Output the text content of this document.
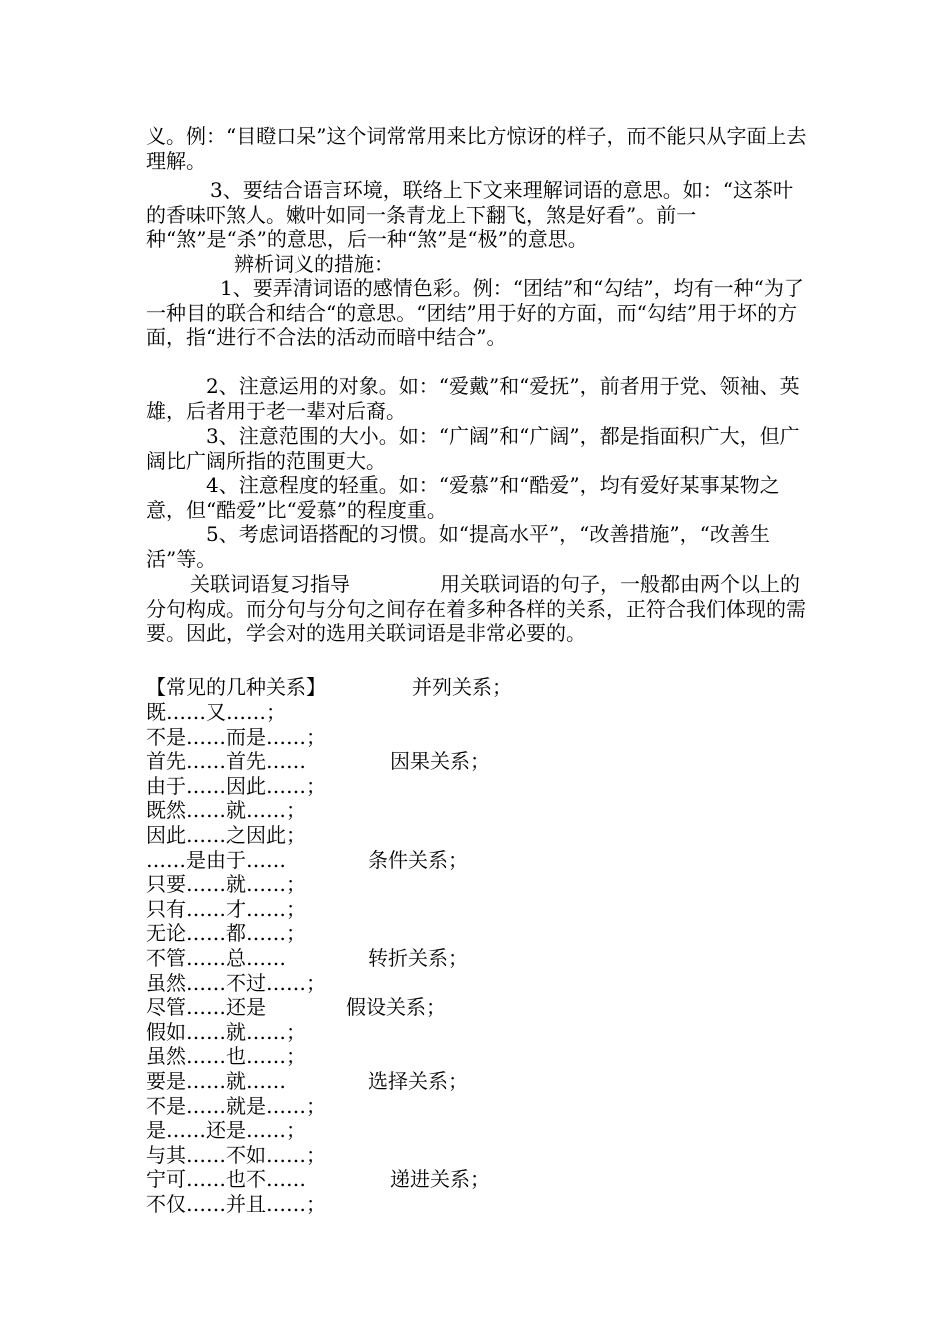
义。例：“目瞪口呆”这个词常常用来比方惊讶的样子，而不能只从字面上去理解。

3、要结合语言环境，联络上下文来理解词语的意思。如：“这茶叶的香味吓煞人。嫩叶如同一条青龙上下翻飞，煞是好看”。前一种“煞”是“杀”的意思，后一种“煞”是“极”的意思。

辨析词义的措施：

1、要弄清词语的感情色彩。例：“团结”和“勾结”，均有一种“为了一种目的联合和结合“的意思。“团结”用于好的方面，而“勾结”用于坏的方面，指“进行不合法的活动而暗中结合”。

2、注意运用的对象。如：“爱戴”和“爱抚”，前者用于党、领袖、英雄，后者用于老一辈对后裔。

3、注意范围的大小。如：“广阔”和“广阔”，都是指面积广大，但广阔比广阔所指的范围更大。

4、注意程度的轻重。如：“爱慕”和“酷爱”，均有爱好某事某物之意，但“酷爱”比“爱慕”的程度重。

5、考虑词语搭配的习惯。如“提高水平”，“改善措施”，“改善生活”等。

关联词语复习指导	用关联词语的句子，一般都由两个以上的分句构成。而分句与分句之间存在着多种各样的关系，正符合我们体现的需要。因此，学会对的选用关联词语是非常必要的。

【常见的几种关系】

既……又……；
并列关系；
不是……而是……；
首先……首先……	因果关系；
由于……因此……；
既然……就……；
因此……之因此；
……是由于……	条件关系；
只要……就……；
只有……才……；
无论……都……；
不管……总……	转折关系；
虽然……不过……；
尽管……还是	假设关系；
假如……就……；
虽然……也……；
要是……就……	选择关系；
不是……就是……；
是……还是……；
与其……不如……；
宁可……也不……	递进关系；
不仅……并且……；
